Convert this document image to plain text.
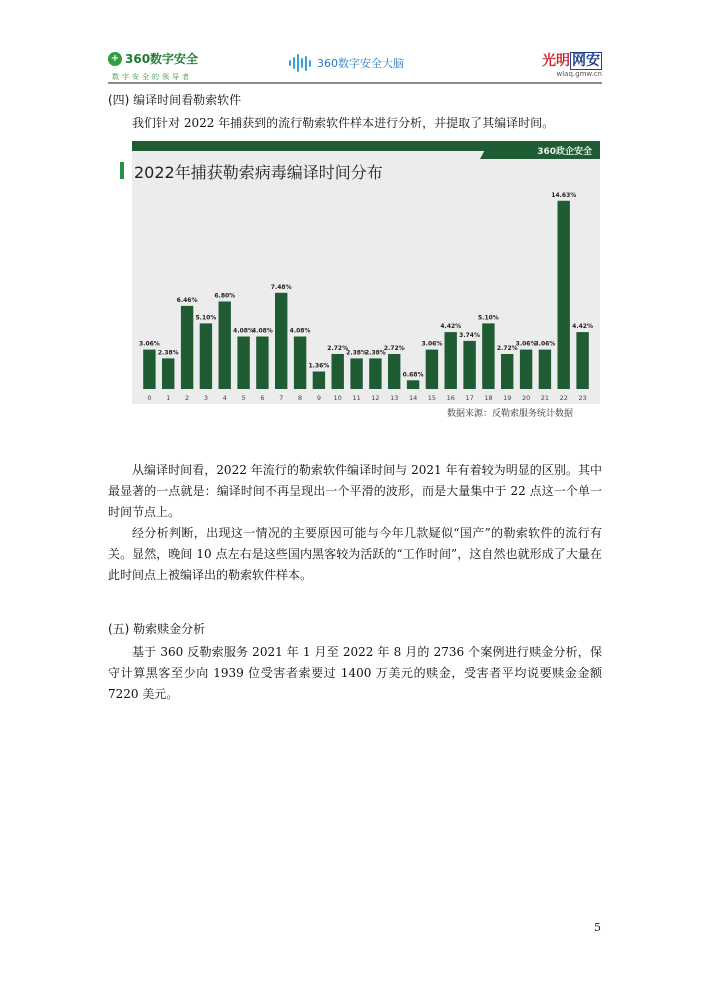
+ 360数字安全
数字安全的领导者
360数字安全大脑	光明 网安
wlaq.gmw.cn
(四) 编译时间看勒索软件
我们针对 2022 年捕获到的流行勒索软件样本进行分析，并提取了其编译时间。
360政企安全
3.06%
0
2.38%
1
6.46%
2
5.10%
3
6.80%
4
4.08%
5
4.08%
6
7.48%
7
4.08%
8
1.36%
9
2.72%
10
2.38%
11
2.38%
12
2.72%
13
0.68%
14
3.06%
15
4.42%
16
3.74%
17
5.10%
18
2.72%
19
3.06%
20
3.06%
21
14.63%
22
4.42%
23
2022年捕获勒索病毒编译时间分布
数据来源：反勒索服务统计数据
从编译时间看，2022 年流行的勒索软件编译时间与 2021 年有着较为明显的区别。其中最显著的一点就是：编译时间不再呈现出一个平滑的波形，而是大量集中于 22 点这一个单一时间节点上。
经分析判断，出现这一情况的主要原因可能与今年几款疑似“国产”的勒索软件的流行有关。显然，晚间 10 点左右是这些国内黑客较为活跃的“工作时间”，这自然也就形成了大量在此时间点上被编译出的勒索软件样本。
(五) 勒索赎金分析
基于 360 反勒索服务 2021 年 1 月至 2022 年 8 月的 2736 个案例进行赎金分析，保守计算黑客至少向 1939 位受害者索要过 1400 万美元的赎金，受害者平均说要赎金金额 7220 美元。
5
